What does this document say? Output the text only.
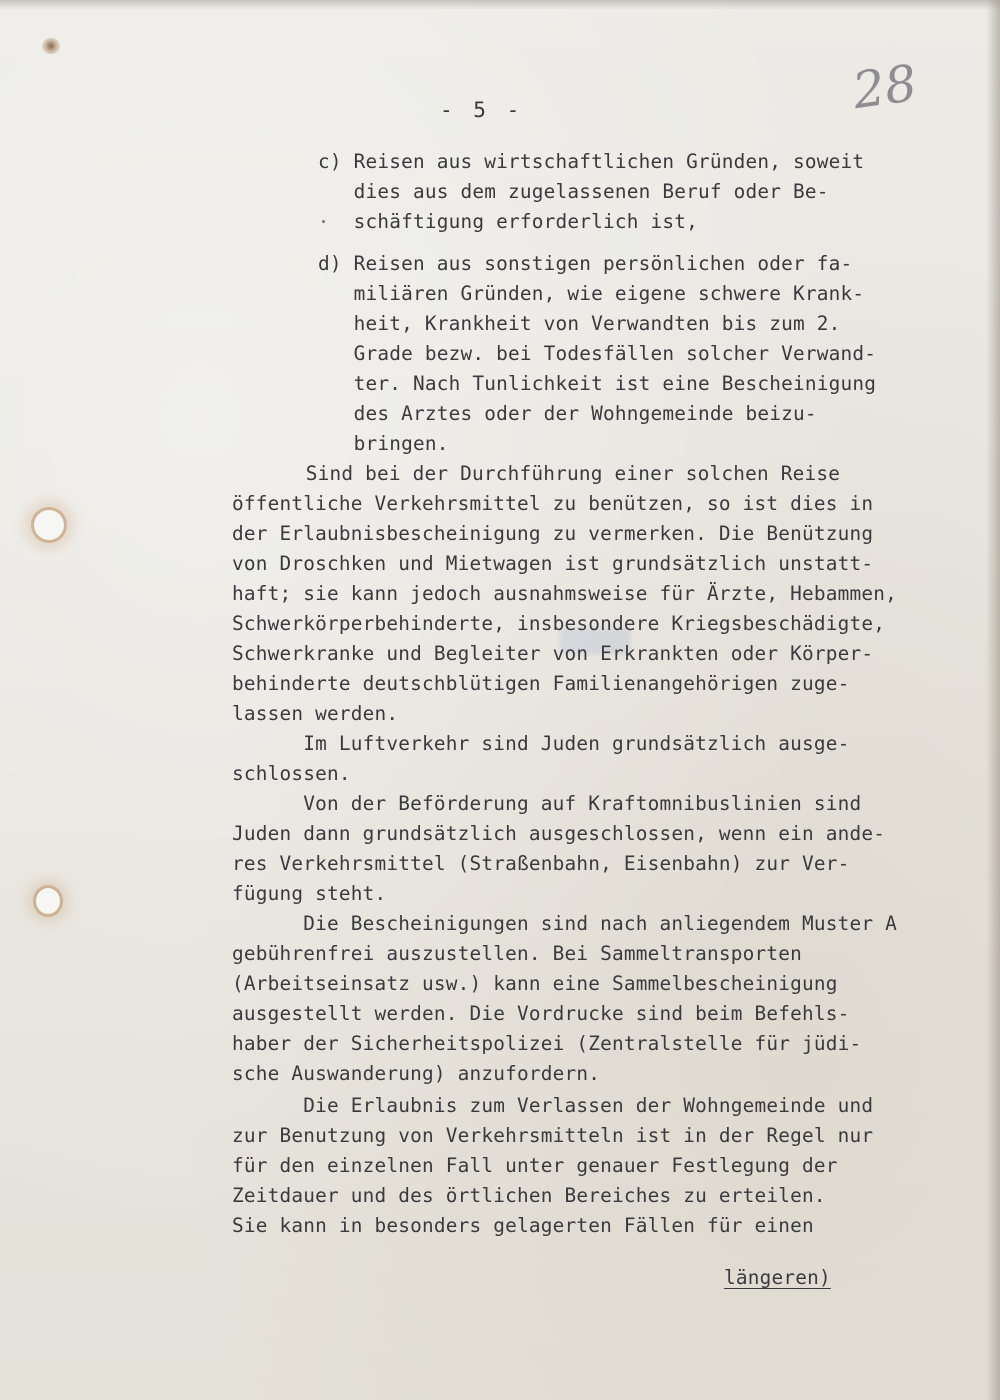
- 5 -	28
c) Reisen aus wirtschaftlichen Gründen, soweit
dies aus dem zugelassenen Beruf oder Be-
schäftigung erforderlich ist,
d) Reisen aus sonstigen persönlichen oder fa-
miliären Gründen, wie eigene schwere Krank-
heit, Krankheit von Verwandten bis zum 2.
Grade bezw. bei Todesfällen solcher Verwand-
ter. Nach Tunlichkeit ist eine Bescheinigung
des Arztes oder der Wohngemeinde beizu-
bringen.
Sind bei der Durchführung einer solchen Reise
öffentliche Verkehrsmittel zu benützen, so ist dies in
der Erlaubnisbescheinigung zu vermerken. Die Benützung
von Droschken und Mietwagen ist grundsätzlich unstatt-
haft; sie kann jedoch ausnahmsweise für Ärzte, Hebammen,
Schwerkörperbehinderte, insbesondere Kriegsbeschädigte,
Schwerkranke und Begleiter von Erkrankten oder Körper-
behinderte deutschblütigen Familienangehörigen zuge-
lassen werden.
Im Luftverkehr sind Juden grundsätzlich ausge-
schlossen.
Von der Beförderung auf Kraftomnibuslinien sind
Juden dann grundsätzlich ausgeschlossen, wenn ein ande-
res Verkehrsmittel (Straßenbahn, Eisenbahn) zur Ver-
fügung steht.
Die Bescheinigungen sind nach anliegendem Muster A
gebührenfrei auszustellen. Bei Sammeltransporten
(Arbeitseinsatz usw.) kann eine Sammelbescheinigung
ausgestellt werden. Die Vordrucke sind beim Befehls-
haber der Sicherheitspolizei (Zentralstelle für jüdi-
sche Auswanderung) anzufordern.
Die Erlaubnis zum Verlassen der Wohngemeinde und
zur Benutzung von Verkehrsmitteln ist in der Regel nur
für den einzelnen Fall unter genauer Festlegung der
Zeitdauer und des örtlichen Bereiches zu erteilen.
Sie kann in besonders gelagerten Fällen für einen
längeren)
